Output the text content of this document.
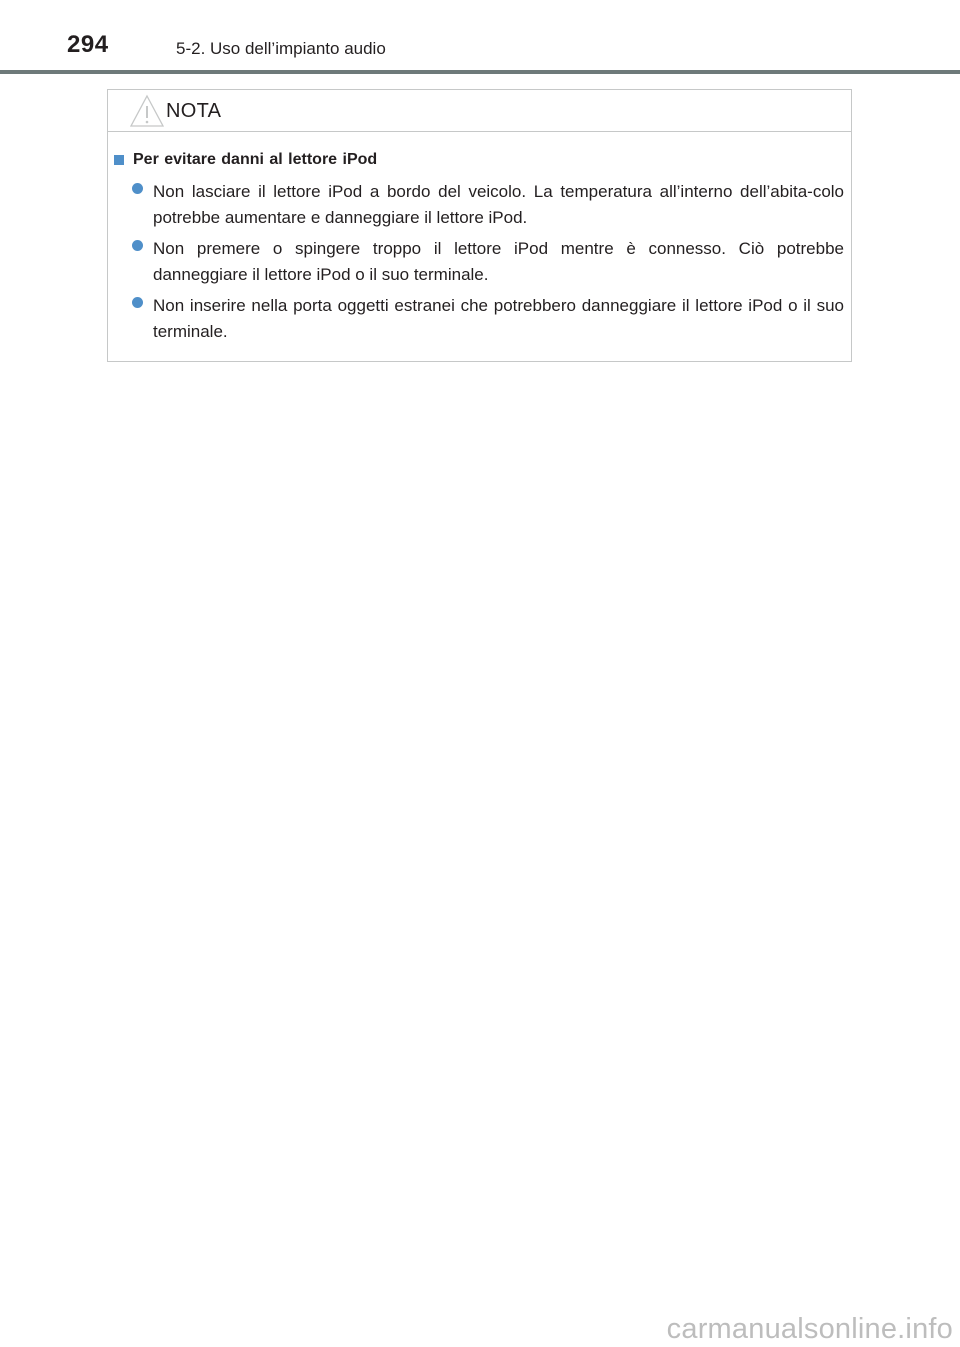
294	5-2. Uso dell’impianto audio
NOTA
Per evitare danni al lettore iPod
Non lasciare il lettore iPod a bordo del veicolo. La temperatura all’interno dell’abita-colo potrebbe aumentare e danneggiare il lettore iPod.
Non premere o spingere troppo il lettore iPod mentre è connesso. Ciò potrebbe danneggiare il lettore iPod o il suo terminale.
Non inserire nella porta oggetti estranei che potrebbero danneggiare il lettore iPod o il suo terminale.
carmanualsonline.info
